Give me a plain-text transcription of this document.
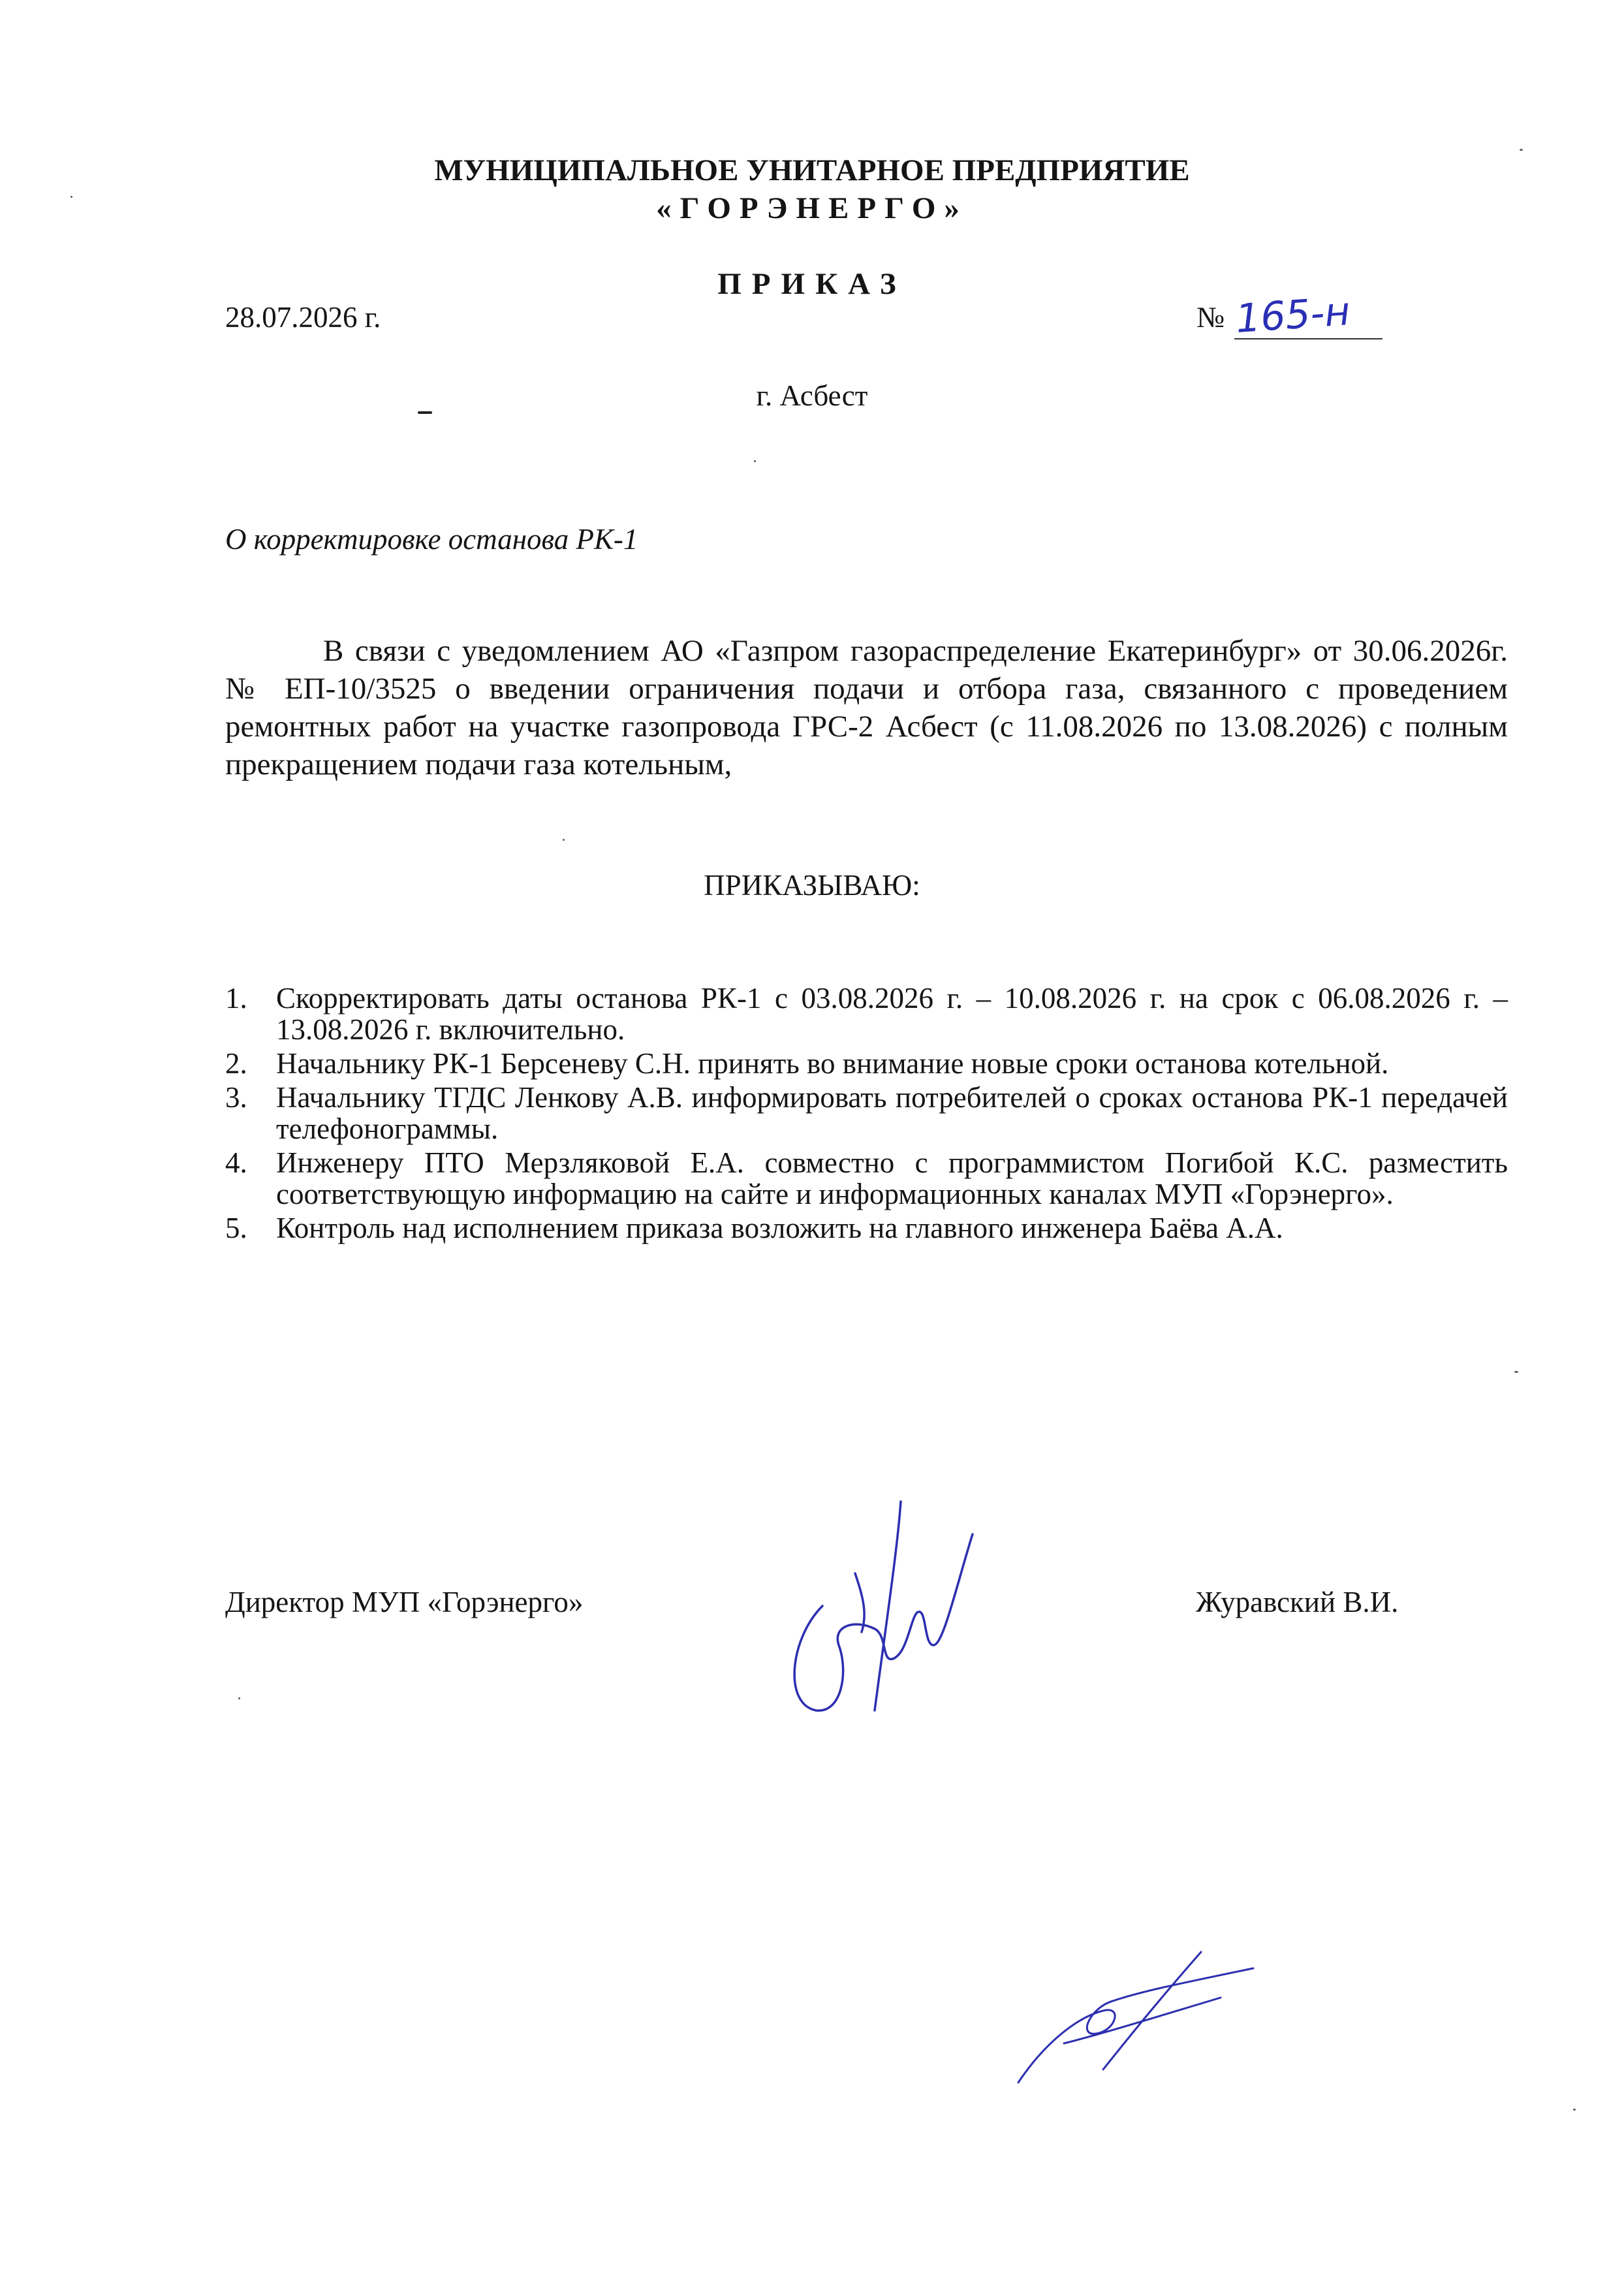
МУНИЦИПАЛЬНОЕ УНИТАРНОЕ ПРЕДПРИЯТИЕ
«ГОРЭНЕРГО»
ПРИКАЗ
28.07.2026 г.	№ 165-н
г. Асбест
О корректировке останова РК-1
В связи с уведомлением АО «Газпром газораспределение Екатеринбург» от 30.06.2026г. № ЕП-10/3525 о введении ограничения подачи и отбора газа, связанного с проведением ремонтных работ на участке газопровода ГРС-2 Асбест (с 11.08.2026 по 13.08.2026) с полным прекращением подачи газа котельным,
ПРИКАЗЫВАЮ:
1. Скорректировать даты останова РК-1 с 03.08.2026 г. – 10.08.2026 г. на срок с 06.08.2026 г. – 13.08.2026 г. включительно.
2. Начальнику РК-1 Берсеневу С.Н. принять во внимание новые сроки останова котельной.
3. Начальнику ТГДС Ленкову А.В. информировать потребителей о сроках останова РК-1 передачей телефонограммы.
4. Инженеру ПТО Мерзляковой Е.А. совместно с программистом Погибой К.С. разместить соответствующую информацию на сайте и информационных каналах МУП «Горэнерго».
5. Контроль над исполнением приказа возложить на главного инженера Баёва А.А.
Директор МУП «Горэнерго»	Журавский В.И.
